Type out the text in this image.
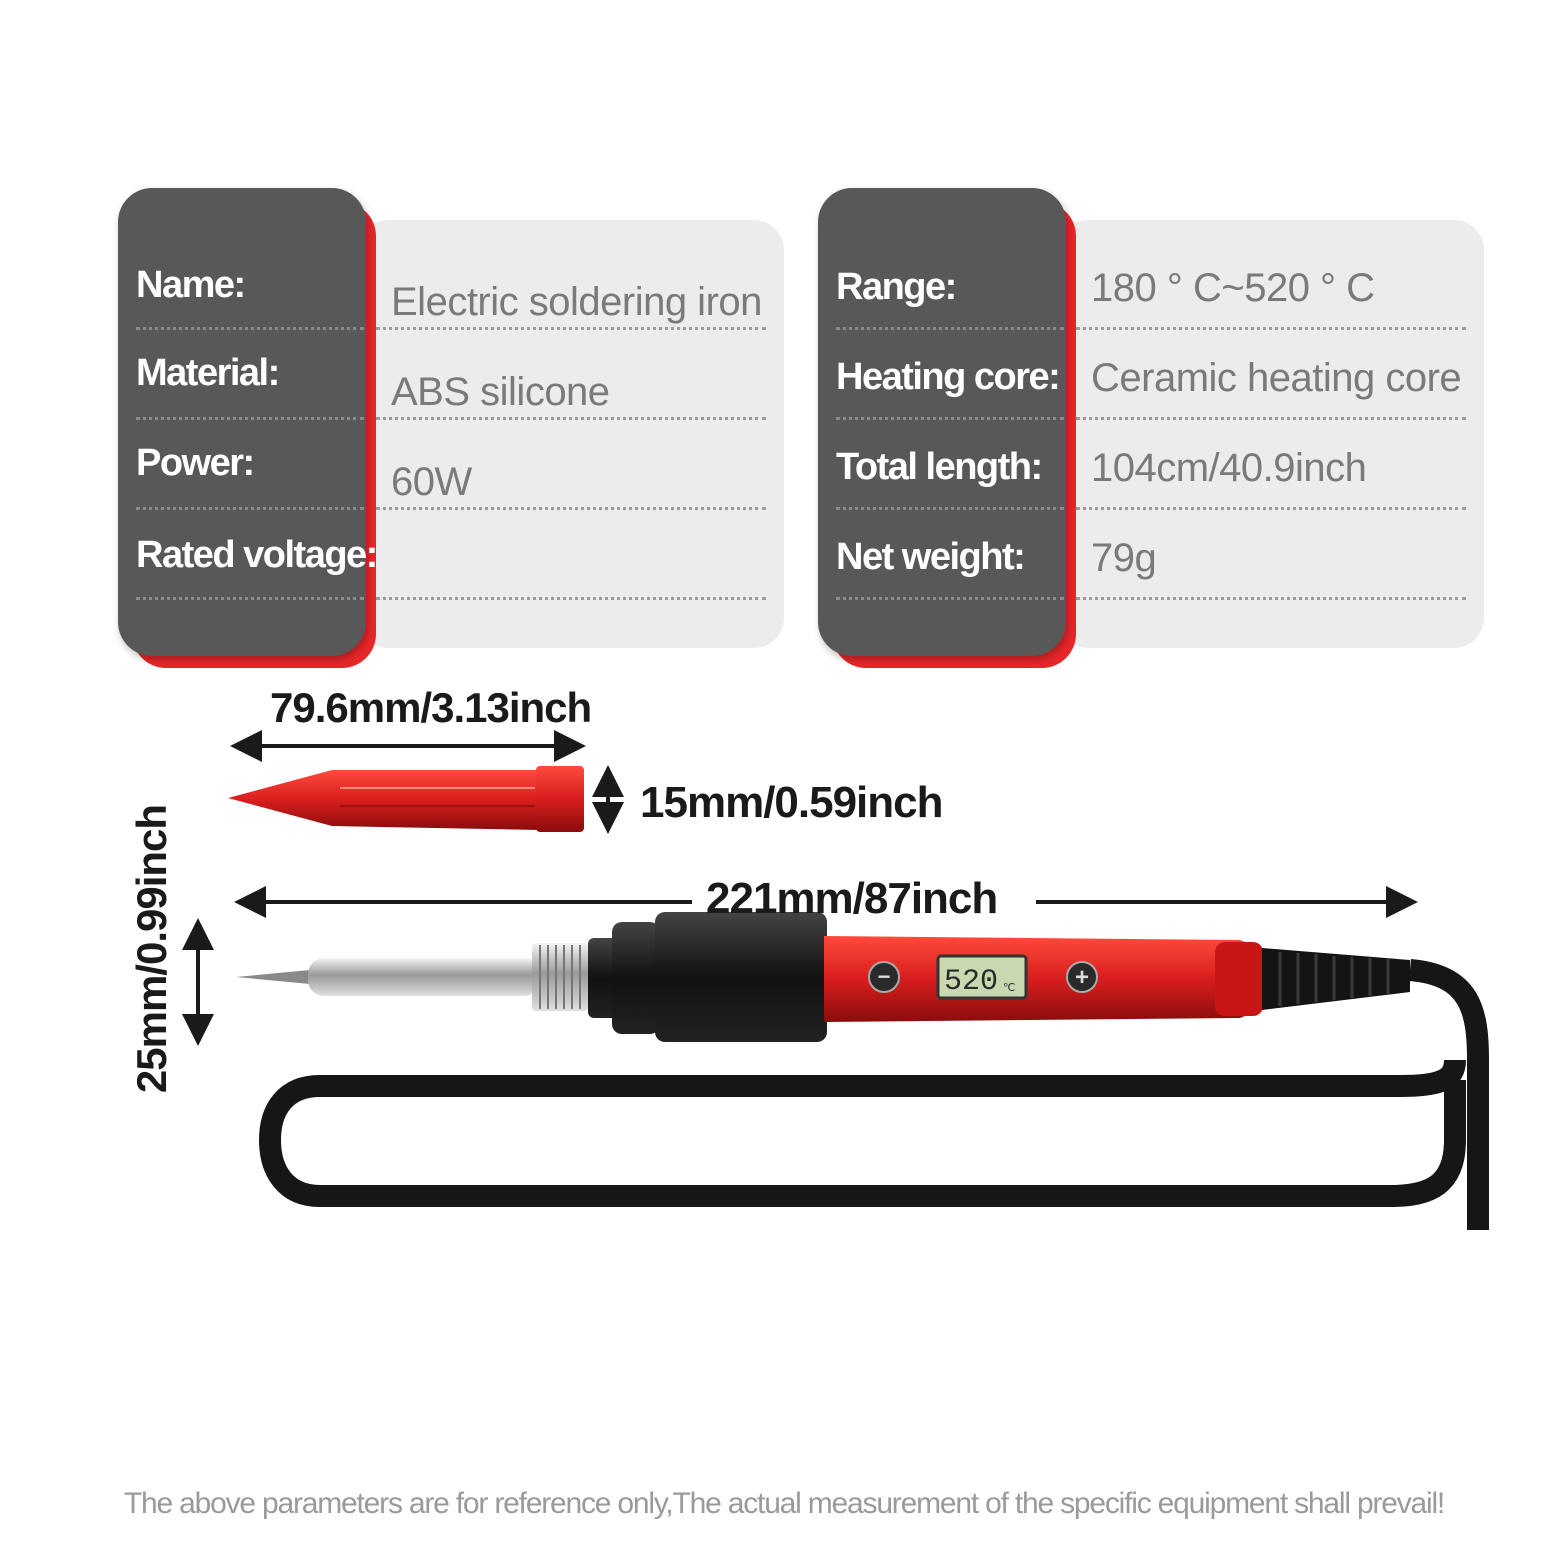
Name:	Electric soldering iron
Material:	ABS silicone
Power:	60W
Rated voltage:
Range:	180 ° C~520 ° C
Heating core: Ceramic heating core
Total length:	104cm/40.9inch
Net weight:	79g
− 520 ℃ +
79.6mm/3.13inch
15mm/0.59inch
221mm/87inch
25mm/0.99inch
The above parameters are for reference only,The actual measurement of the specific equipment shall prevail!
